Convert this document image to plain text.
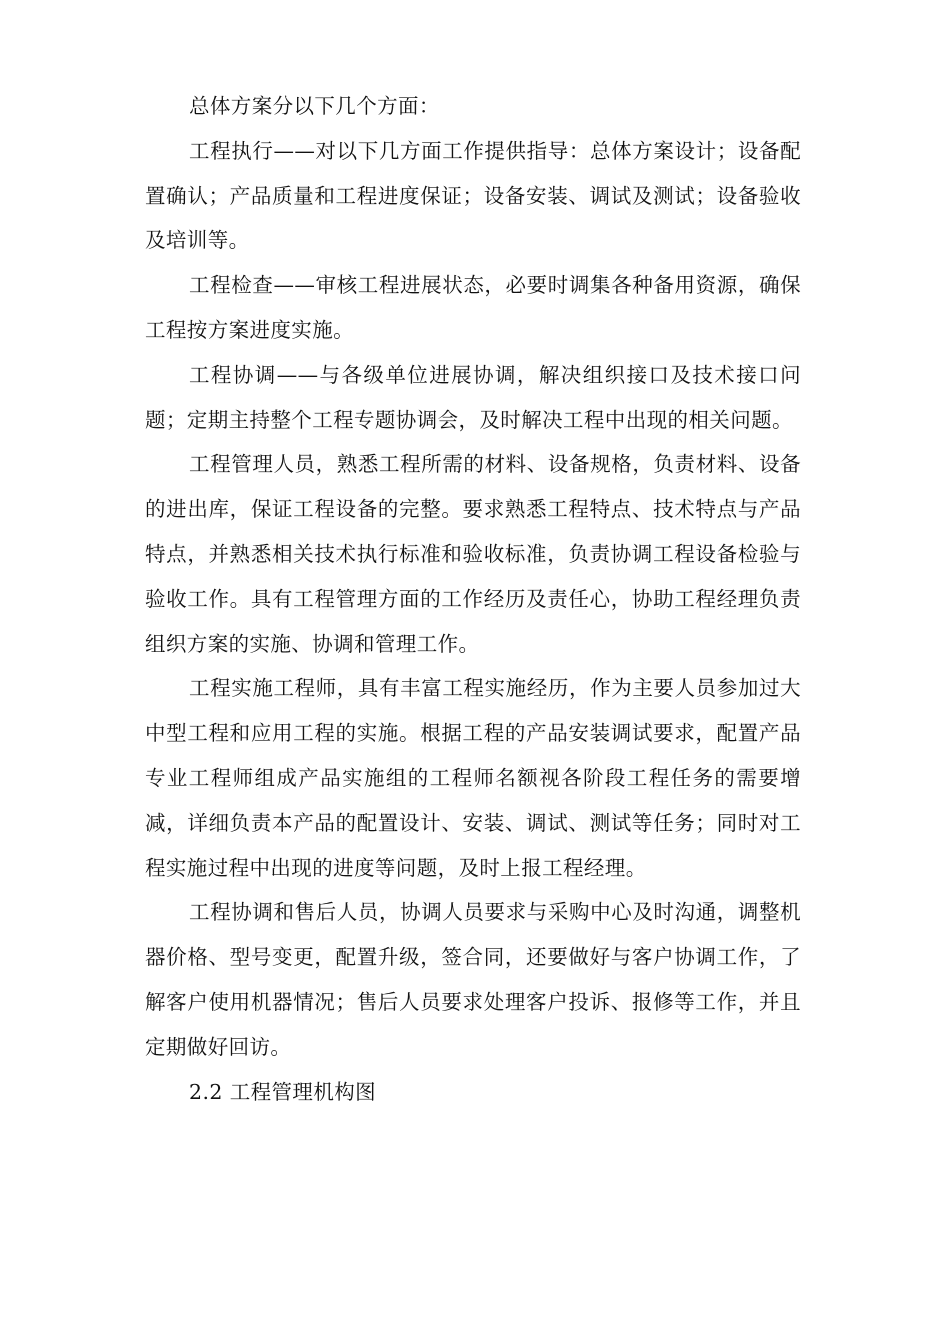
总体方案分以下几个方面：

工程执行——对以下几方面工作提供指导：总体方案设计；设备配置确认；产品质量和工程进度保证；设备安装、调试及测试；设备验收及培训等。

工程检查——审核工程进展状态，必要时调集各种备用资源，确保工程按方案进度实施。

工程协调——与各级单位进展协调，解决组织接口及技术接口问题；定期主持整个工程专题协调会，及时解决工程中出现的相关问题。

工程管理人员，熟悉工程所需的材料、设备规格，负责材料、设备的进出库，保证工程设备的完整。要求熟悉工程特点、技术特点与产品特点，并熟悉相关技术执行标准和验收标准，负责协调工程设备检验与验收工作。具有工程管理方面的工作经历及责任心，协助工程经理负责组织方案的实施、协调和管理工作。

工程实施工程师，具有丰富工程实施经历，作为主要人员参加过大中型工程和应用工程的实施。根据工程的产品安装调试要求，配置产品专业工程师组成产品实施组的工程师名额视各阶段工程任务的需要增减，详细负责本产品的配置设计、安装、调试、测试等任务；同时对工程实施过程中出现的进度等问题，及时上报工程经理。

工程协调和售后人员，协调人员要求与采购中心及时沟通，调整机器价格、型号变更，配置升级，签合同，还要做好与客户协调工作，了解客户使用机器情况；售后人员要求处理客户投诉、报修等工作，并且定期做好回访。

2.2 工程管理机构图
